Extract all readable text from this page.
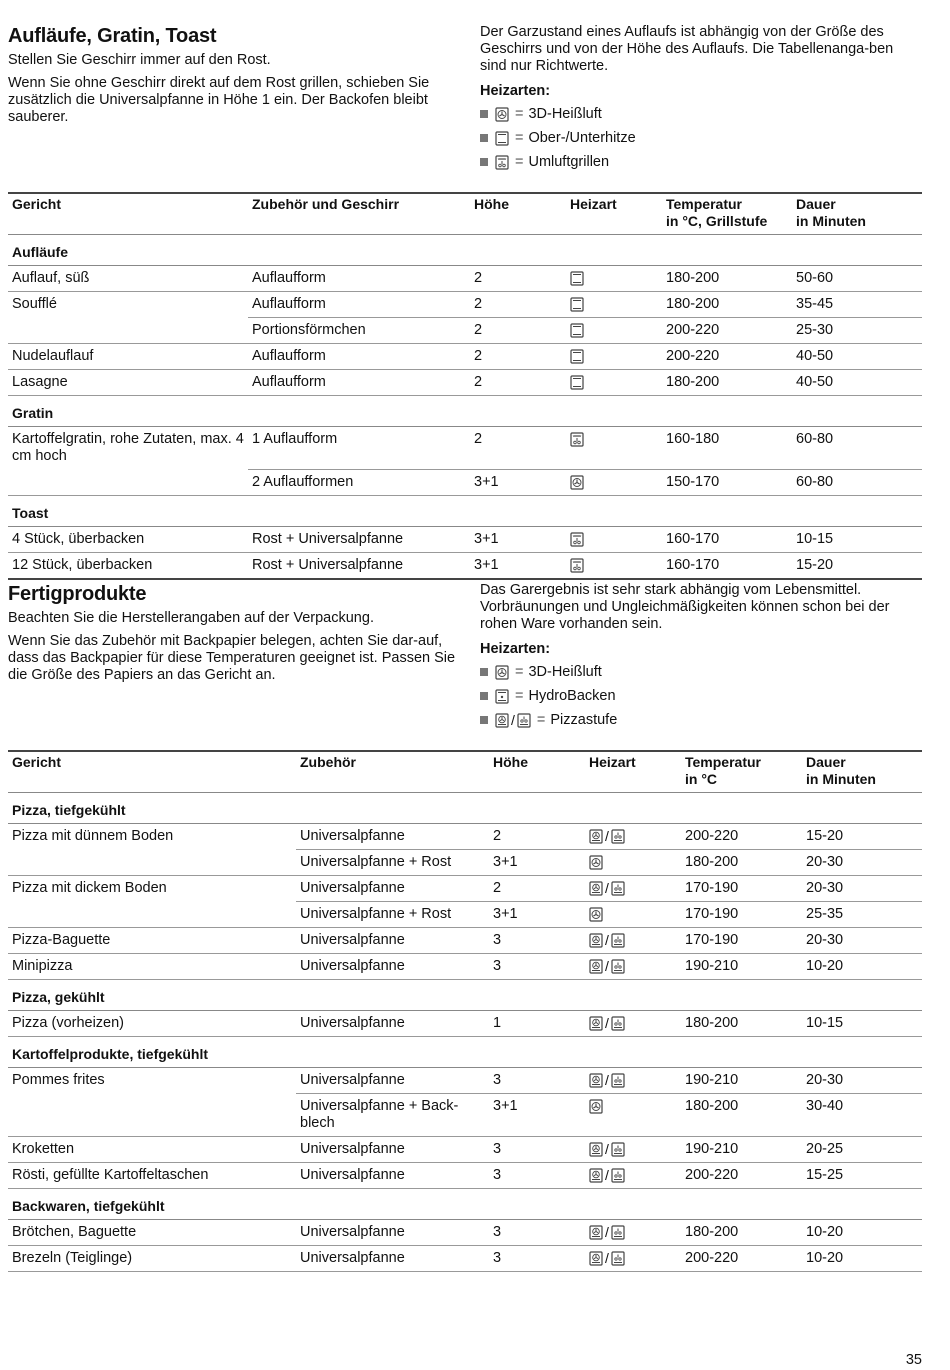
Aufläufe, Gratin, Toast

Stellen Sie Geschirr immer auf den Rost.

Wenn Sie ohne Geschirr direkt auf dem Rost grillen, schieben Sie zusätzlich die Universalpfanne in Höhe 1 ein. Der Backofen bleibt sauberer.

Der Garzustand eines Auflaufs ist abhängig von der Größe des Geschirrs und von der Höhe des Auflaufs. Die Tabellenanga-ben sind nur Richtwerte.

Heizarten:
= 3D-Heißluft
= Ober-/Unterhitze
= Umluftgrillen
Gericht	Zubehör und Geschirr	Höhe	Heizart	Temperatur
in °C, Grillstufe	Dauer
in Minuten
Aufläufe					
Auflauf, süß	Auflaufform	2		180-200	50-60
Soufflé	Auflaufform	2		180-200	35-45
	Portionsförmchen	2		200-220	25-30
Nudelauflauf	Auflaufform	2		200-220	40-50
Lasagne	Auflaufform	2		180-200	40-50
Gratin					
Kartoffelgratin, rohe Zutaten, max. 4 cm hoch	1 Auflaufform	2		160-180	60-80
	2 Auflaufformen	3+1		150-170	60-80
Toast					
4 Stück, überbacken	Rost + Universalpfanne	3+1		160-170	10-15
12 Stück, überbacken	Rost + Universalpfanne	3+1		160-170	15-20
Fertigprodukte

Beachten Sie die Herstellerangaben auf der Verpackung.

Wenn Sie das Zubehör mit Backpapier belegen, achten Sie dar-auf, dass das Backpapier für diese Temperaturen geeignet ist. Passen Sie die Größe des Papiers an das Gericht an.

Das Garergebnis ist sehr stark abhängig vom Lebensmittel. Vorbräunungen und Ungleichmäßigkeiten können schon bei der rohen Ware vorhanden sein.

Heizarten:
= 3D-Heißluft
= HydroBacken
/ = Pizzastufe
Gericht	Zubehör	Höhe	Heizart	Temperatur
in °C	Dauer
in Minuten
Pizza, tiefgekühlt					
Pizza mit dünnem Boden	Universalpfanne	2	/	200-220	15-20
	Universalpfanne + Rost	3+1		180-200	20-30
Pizza mit dickem Boden	Universalpfanne	2	/	170-190	20-30
	Universalpfanne + Rost	3+1		170-190	25-35
Pizza-Baguette	Universalpfanne	3	/	170-190	20-30
Minipizza	Universalpfanne	3	/	190-210	10-20
Pizza, gekühlt					
Pizza (vorheizen)	Universalpfanne	1	/	180-200	10-15
Kartoffelprodukte, tiefgekühlt					
Pommes frites	Universalpfanne	3	/	190-210	20-30
	Universalpfanne + Back-blech	3+1		180-200	30-40
Kroketten	Universalpfanne	3	/	190-210	20-25
Rösti, gefüllte Kartoffeltaschen	Universalpfanne	3	/	200-220	15-25
Backwaren, tiefgekühlt					
Brötchen, Baguette	Universalpfanne	3	/	180-200	10-20
Brezeln (Teiglinge)	Universalpfanne	3	/	200-220	10-20
35
